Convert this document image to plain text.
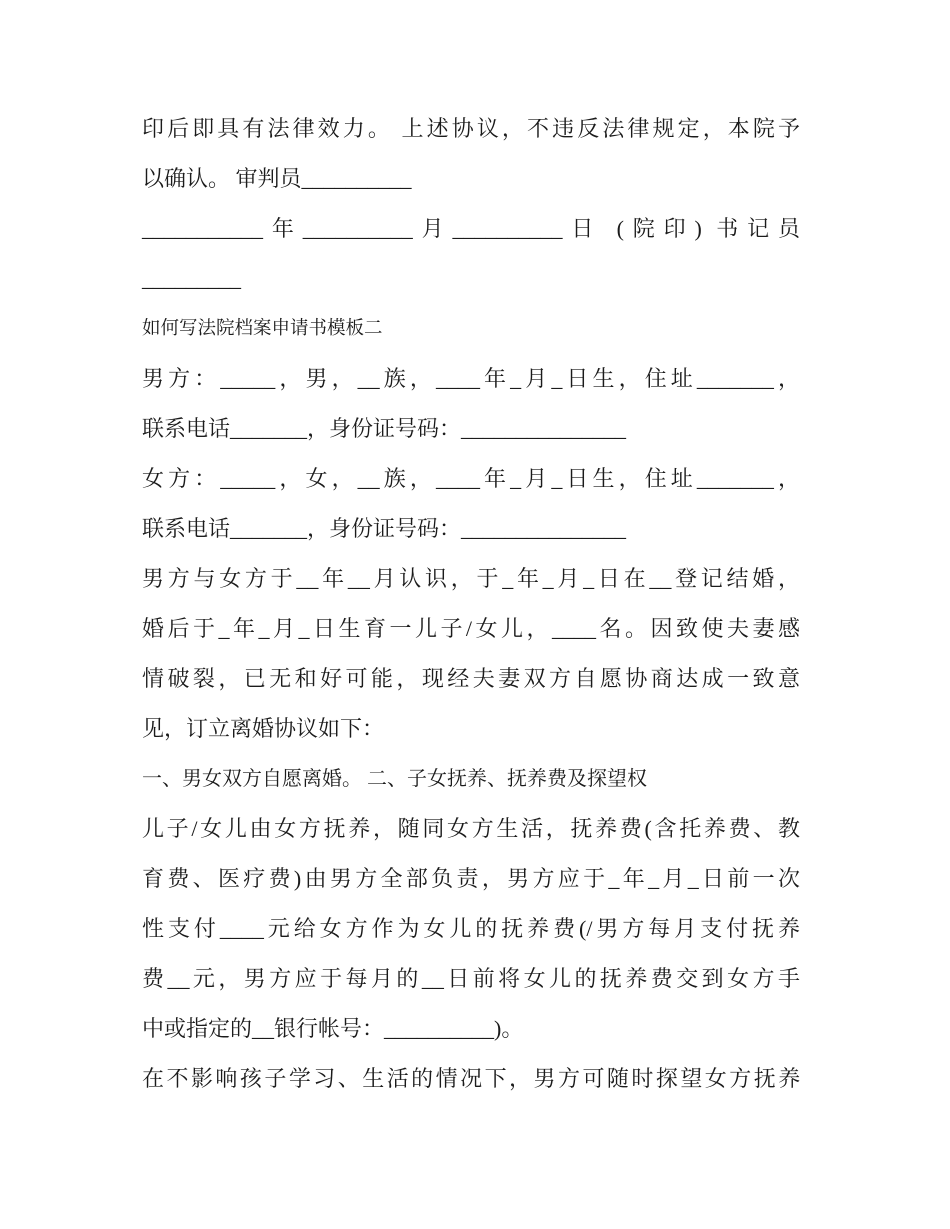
印后即具有法律效力。 上述协议，不违反法律规定，本院予
以确认。 审判员__________
___________年__________月__________日 (院印) 书记员
_________
如何写法院档案申请书模板二
男方：_____，男，__族，____年_月_日生，住址_______，
联系电话_______，身份证号码：_______________
女方：_____，女，__族，____年_月_日生，住址_______，
联系电话_______，身份证号码：_______________
男方与女方于__年__月认识，于_年_月_日在__登记结婚，
婚后于_年_月_日生育一儿子/女儿，____名。因致使夫妻感
情破裂，已无和好可能，现经夫妻双方自愿协商达成一致意
见，订立离婚协议如下：
一、男女双方自愿离婚。 二、子女抚养、抚养费及探望权
儿子/女儿由女方抚养，随同女方生活，抚养费(含托养费、教
育费、医疗费)由男方全部负责，男方应于_年_月_日前一次
性支付____元给女方作为女儿的抚养费(/男方每月支付抚养
费__元，男方应于每月的__日前将女儿的抚养费交到女方手
中或指定的__银行帐号：__________)。
在不影响孩子学习、生活的情况下，男方可随时探望女方抚养
